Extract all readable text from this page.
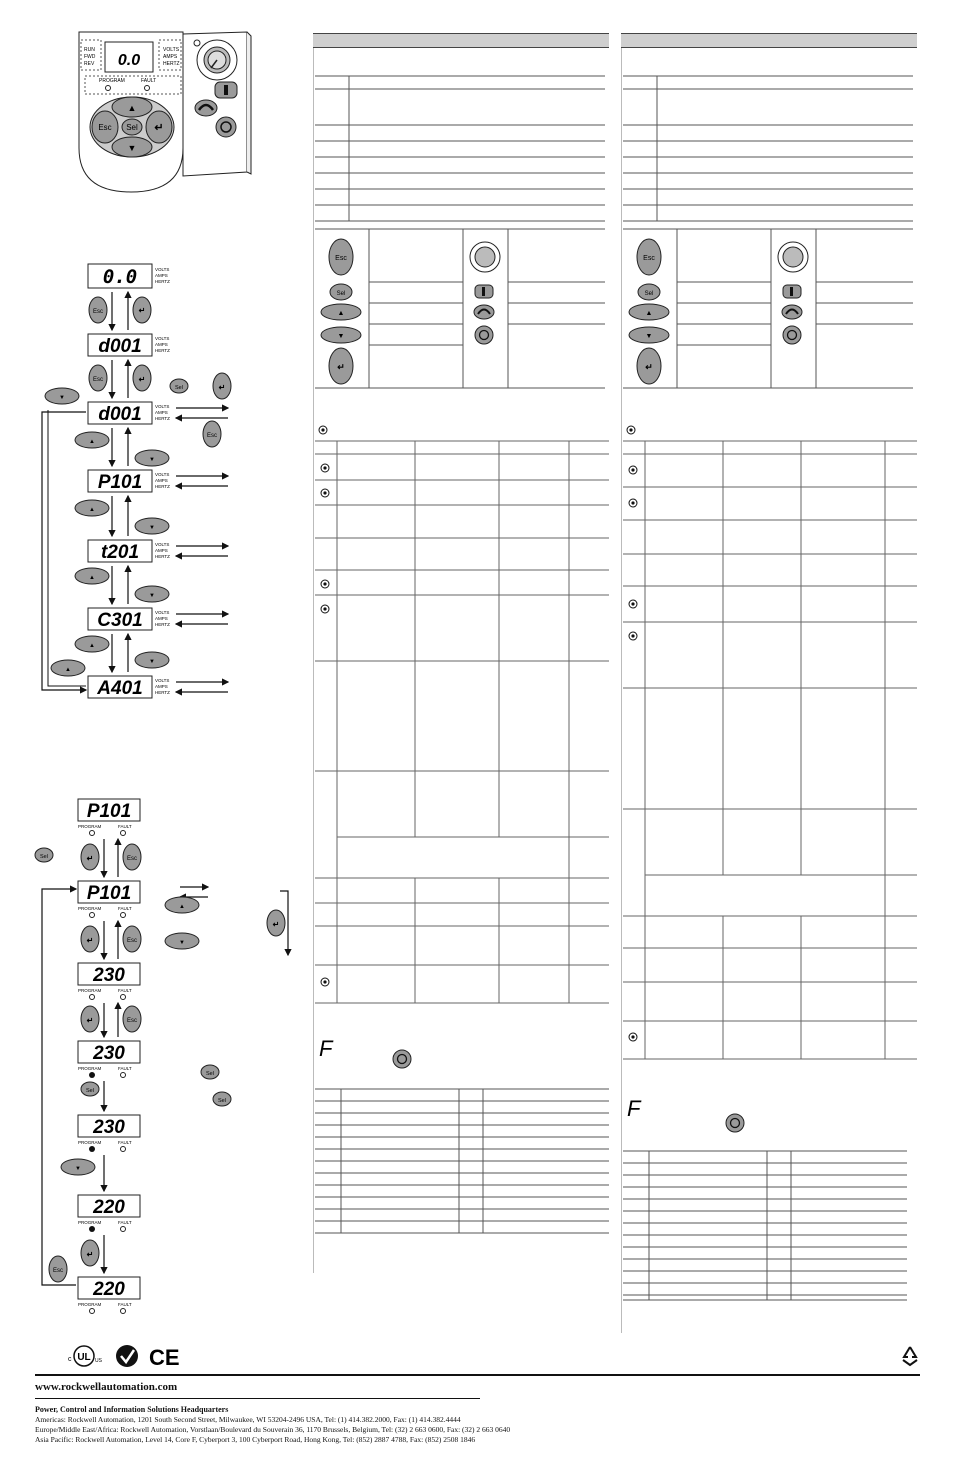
0.0
RUN
FWD
REV
VOLTS
AMPS
HERTZ
PROGRAM	FAULT
Esc	↵
▲
▼
Sel
0.0	VOLTS
AMPS
HERTZ
d001	VOLTS
AMPS
HERTZ
d001	VOLTS
AMPS
HERTZ
P101	VOLTS
AMPS
HERTZ
t201	VOLTS
AMPS
HERTZ
C301	VOLTS
AMPS
HERTZ
A401	VOLTS
AMPS
HERTZ
Esc	↵
Esc	↵
Sel	↵
▼
Esc
▲
▼
▲
▼
▲
▼
▲
▼
▲
P101
PROGRAM	FAULT
P101
PROGRAM	FAULT
230
PROGRAM	FAULT
230
PROGRAM	FAULT
230
PROGRAM	FAULT
220
PROGRAM	FAULT
220
PROGRAM	FAULT
Sel	↵	Esc
▲
▼
↵
↵	Esc
↵	Esc
Sel
Sel
Sel
▼
↵
Esc
Esc
Sel
▲
▼
↵
F
Esc
Sel
▲
▼
↵
F
UL
c	US CE
www.rockwellautomation.com
Power, Control and Information Solutions Headquarters
Americas: Rockwell Automation, 1201 South Second Street, Milwaukee, WI 53204-2496 USA, Tel: (1) 414.382.2000, Fax: (1) 414.382.4444
Europe/Middle East/Africa: Rockwell Automation, Vorstlaan/Boulevard du Souverain 36, 1170 Brussels, Belgium, Tel: (32) 2 663 0600, Fax: (32) 2 663 0640
Asia Pacific: Rockwell Automation, Level 14, Core F, Cyberport 3, 100 Cyberport Road, Hong Kong, Tel: (852) 2887 4788, Fax: (852) 2508 1846
